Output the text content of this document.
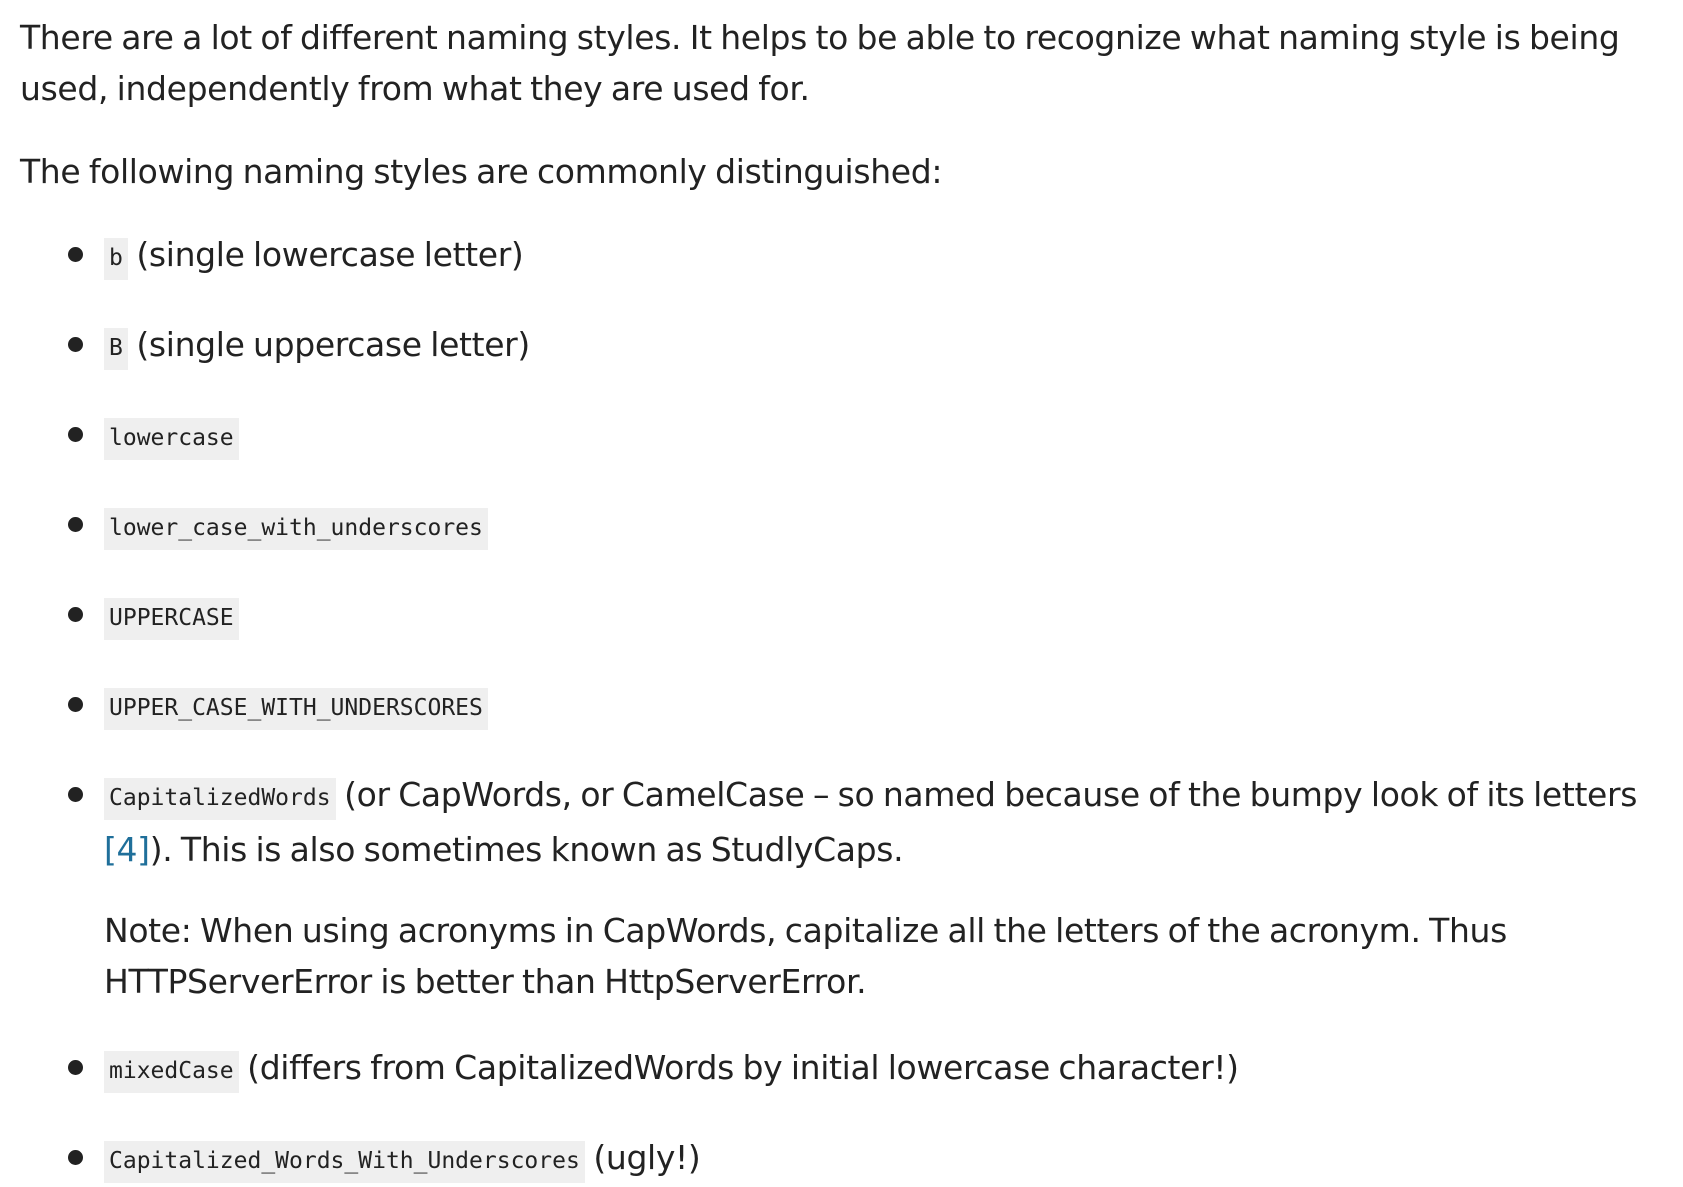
There are a lot of different naming styles. It helps to be able to recognize what naming style is being used, independently from what they are used for.

The following naming styles are commonly distinguished:

b (single lowercase letter)
B (single uppercase letter)
lowercase
lower_case_with_underscores
UPPERCASE
UPPER_CASE_WITH_UNDERSCORES
CapitalizedWords (or CapWords, or CamelCase – so named because of the bumpy look of its letters [4]). This is also sometimes known as StudlyCaps.

Note: When using acronyms in CapWords, capitalize all the letters of the acronym. Thus HTTPServerError is better than HttpServerError.

mixedCase (differs from CapitalizedWords by initial lowercase character!)
Capitalized_Words_With_Underscores (ugly!)
